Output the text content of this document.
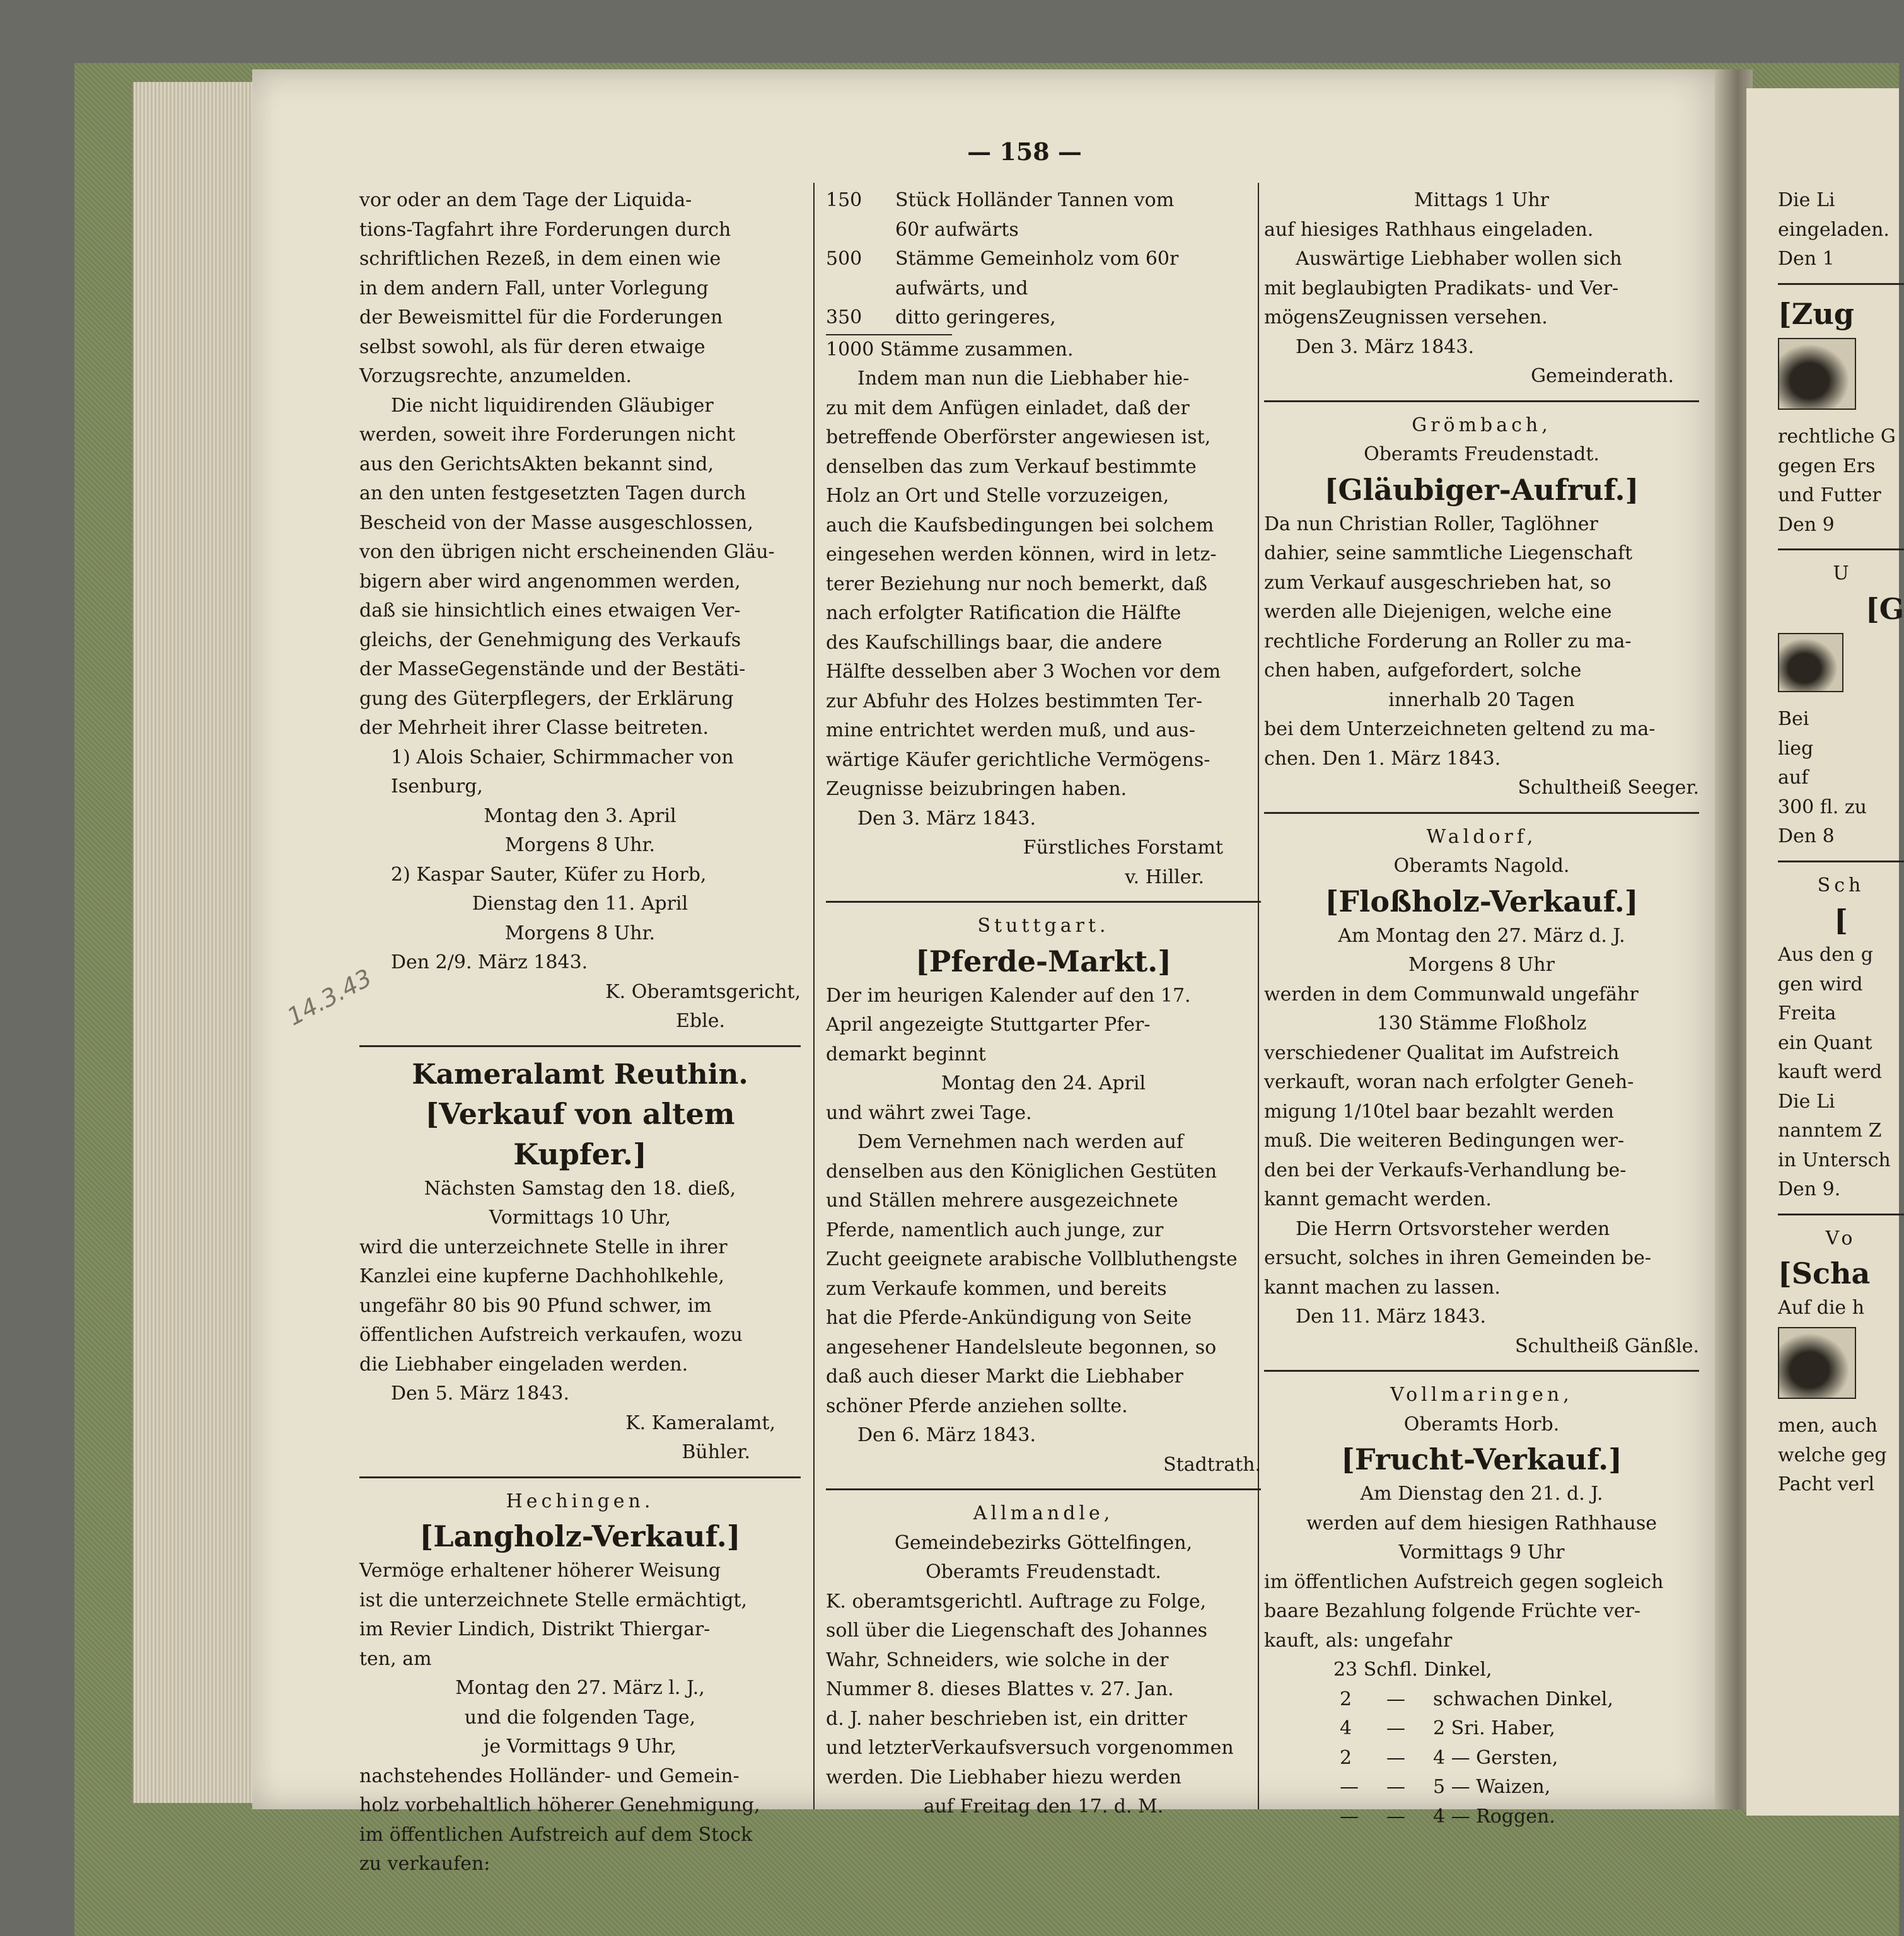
— 158 —
14.3.43

vor oder an dem Tage der Liquida-

tions-Tagfahrt ihre Forderungen durch

schriftlichen Rezeß, in dem einen wie

in dem andern Fall, unter Vorlegung

der Beweismittel für die Forderungen

selbst sowohl, als für deren etwaige

Vorzugsrechte, anzumelden.

Die nicht liquidirenden Gläubiger

werden, soweit ihre Forderungen nicht

aus den GerichtsAkten bekannt sind,

an den unten festgesetzten Tagen durch

Bescheid von der Masse ausgeschlossen,

von den übrigen nicht erscheinenden Gläu-

bigern aber wird angenommen werden,

daß sie hinsichtlich eines etwaigen Ver-

gleichs, der Genehmigung des Verkaufs

der MasseGegenstände und der Bestäti-

gung des Güterpflegers, der Erklärung

der Mehrheit ihrer Classe beitreten.

1) Alois Schaier, Schirmmacher von

Isenburg,

Montag den 3. April

Morgens 8 Uhr.

2) Kaspar Sauter, Küfer zu Horb,

Dienstag den 11. April

Morgens 8 Uhr.

Den 2/9. März 1843.

K. Oberamtsgericht,

Eble.

Kameralamt Reuthin.

[Verkauf von altem Kupfer.]

Nächsten Samstag den 18. dieß,

Vormittags 10 Uhr,

wird die unterzeichnete Stelle in ihrer

Kanzlei eine kupferne Dachhohlkehle,

ungefähr 80 bis 90 Pfund schwer, im

öffentlichen Aufstreich verkaufen, wozu

die Liebhaber eingeladen werden.

Den 5. März 1843.

K. Kameralamt,

Bühler.

Hechingen.

[Langholz-Verkauf.]

Vermöge erhaltener höherer Weisung

ist die unterzeichnete Stelle ermächtigt,

im Revier Lindich, Distrikt Thiergar-

ten, am

Montag den 27. März l. J.,

und die folgenden Tage,

je Vormittags 9 Uhr,

nachstehendes Holländer- und Gemein-

holz vorbehaltlich höherer Genehmigung,

im öffentlichen Aufstreich auf dem Stock

zu verkaufen:

150	Stück Holländer Tannen vom
60r aufwärts
500	Stämme Gemeinholz vom 60r
aufwärts, und
350	ditto geringeres,

1000 Stämme zusammen.

Indem man nun die Liebhaber hie-

zu mit dem Anfügen einladet, daß der

betreffende Oberförster angewiesen ist,

denselben das zum Verkauf bestimmte

Holz an Ort und Stelle vorzuzeigen,

auch die Kaufsbedingungen bei solchem

eingesehen werden können, wird in letz-

terer Beziehung nur noch bemerkt, daß

nach erfolgter Ratification die Hälfte

des Kaufschillings baar, die andere

Hälfte desselben aber 3 Wochen vor dem

zur Abfuhr des Holzes bestimmten Ter-

mine entrichtet werden muß, und aus-

wärtige Käufer gerichtliche Vermögens-

Zeugnisse beizubringen haben.

Den 3. März 1843.

Fürstliches Forstamt

v. Hiller.

Stuttgart.

[Pferde-Markt.]

Der im heurigen Kalender auf den 17.

April angezeigte Stuttgarter Pfer-

demarkt beginnt

Montag den 24. April

und währt zwei Tage.

Dem Vernehmen nach werden auf

denselben aus den Königlichen Gestüten

und Ställen mehrere ausgezeichnete

Pferde, namentlich auch junge, zur

Zucht geeignete arabische Vollbluthengste

zum Verkaufe kommen, und bereits

hat die Pferde-Ankündigung von Seite

angesehener Handelsleute begonnen, so

daß auch dieser Markt die Liebhaber

schöner Pferde anziehen sollte.

Den 6. März 1843.

Stadtrath.

Allmandle,

Gemeindebezirks Göttelfingen,

Oberamts Freudenstadt.

K. oberamtsgerichtl. Auftrage zu Folge,

soll über die Liegenschaft des Johannes

Wahr, Schneiders, wie solche in der

Nummer 8. dieses Blattes v. 27. Jan.

d. J. naher beschrieben ist, ein dritter

und letzterVerkaufsversuch vorgenommen

werden. Die Liebhaber hiezu werden

auf Freitag den 17. d. M.

Mittags 1 Uhr

auf hiesiges Rathhaus eingeladen.

Auswärtige Liebhaber wollen sich

mit beglaubigten Pradikats- und Ver-

mögensZeugnissen versehen.

Den 3. März 1843.

Gemeinderath.

Grömbach,

Oberamts Freudenstadt.

[Gläubiger-Aufruf.]

Da nun Christian Roller, Taglöhner

dahier, seine sammtliche Liegenschaft

zum Verkauf ausgeschrieben hat, so

werden alle Diejenigen, welche eine

rechtliche Forderung an Roller zu ma-

chen haben, aufgefordert, solche

innerhalb 20 Tagen

bei dem Unterzeichneten geltend zu ma-

chen. Den 1. März 1843.

Schultheiß Seeger.

Waldorf,

Oberamts Nagold.

[Floßholz-Verkauf.]

Am Montag den 27. März d. J.

Morgens 8 Uhr

werden in dem Communwald ungefähr

130 Stämme Floßholz

verschiedener Qualitat im Aufstreich

verkauft, woran nach erfolgter Geneh-

migung 1/10tel baar bezahlt werden

muß. Die weiteren Bedingungen wer-

den bei der Verkaufs-Verhandlung be-

kannt gemacht werden.

Die Herrn Ortsvorsteher werden

ersucht, solches in ihren Gemeinden be-

kannt machen zu lassen.

Den 11. März 1843.

Schultheiß Gänßle.

Vollmaringen,

Oberamts Horb.

[Frucht-Verkauf.]

Am Dienstag den 21. d. J.

werden auf dem hiesigen Rathhause

Vormittags 9 Uhr

im öffentlichen Aufstreich gegen sogleich

baare Bezahlung folgende Früchte ver-

kauft, als: ungefahr

23 Schfl. Dinkel,

2	—	schwachen Dinkel,
4	—	2 Sri. Haber,
2	—	4 — Gersten,
—	—	5 — Waizen,
—	—	4 — Roggen.

Die Li

eingeladen.

Den 1

[Zug

rechtliche G

gegen Ers

und Futter

Den 9

U

[G

Bei

lieg

auf

300 fl. zu

Den 8

Sch

[

Aus den g

gen wird

Freita

ein Quant

kauft werd

Die Li

nanntem Z

in Untersch

Den 9.

Vo

[Scha

Auf die h

men, auch

welche geg

Pacht verl
